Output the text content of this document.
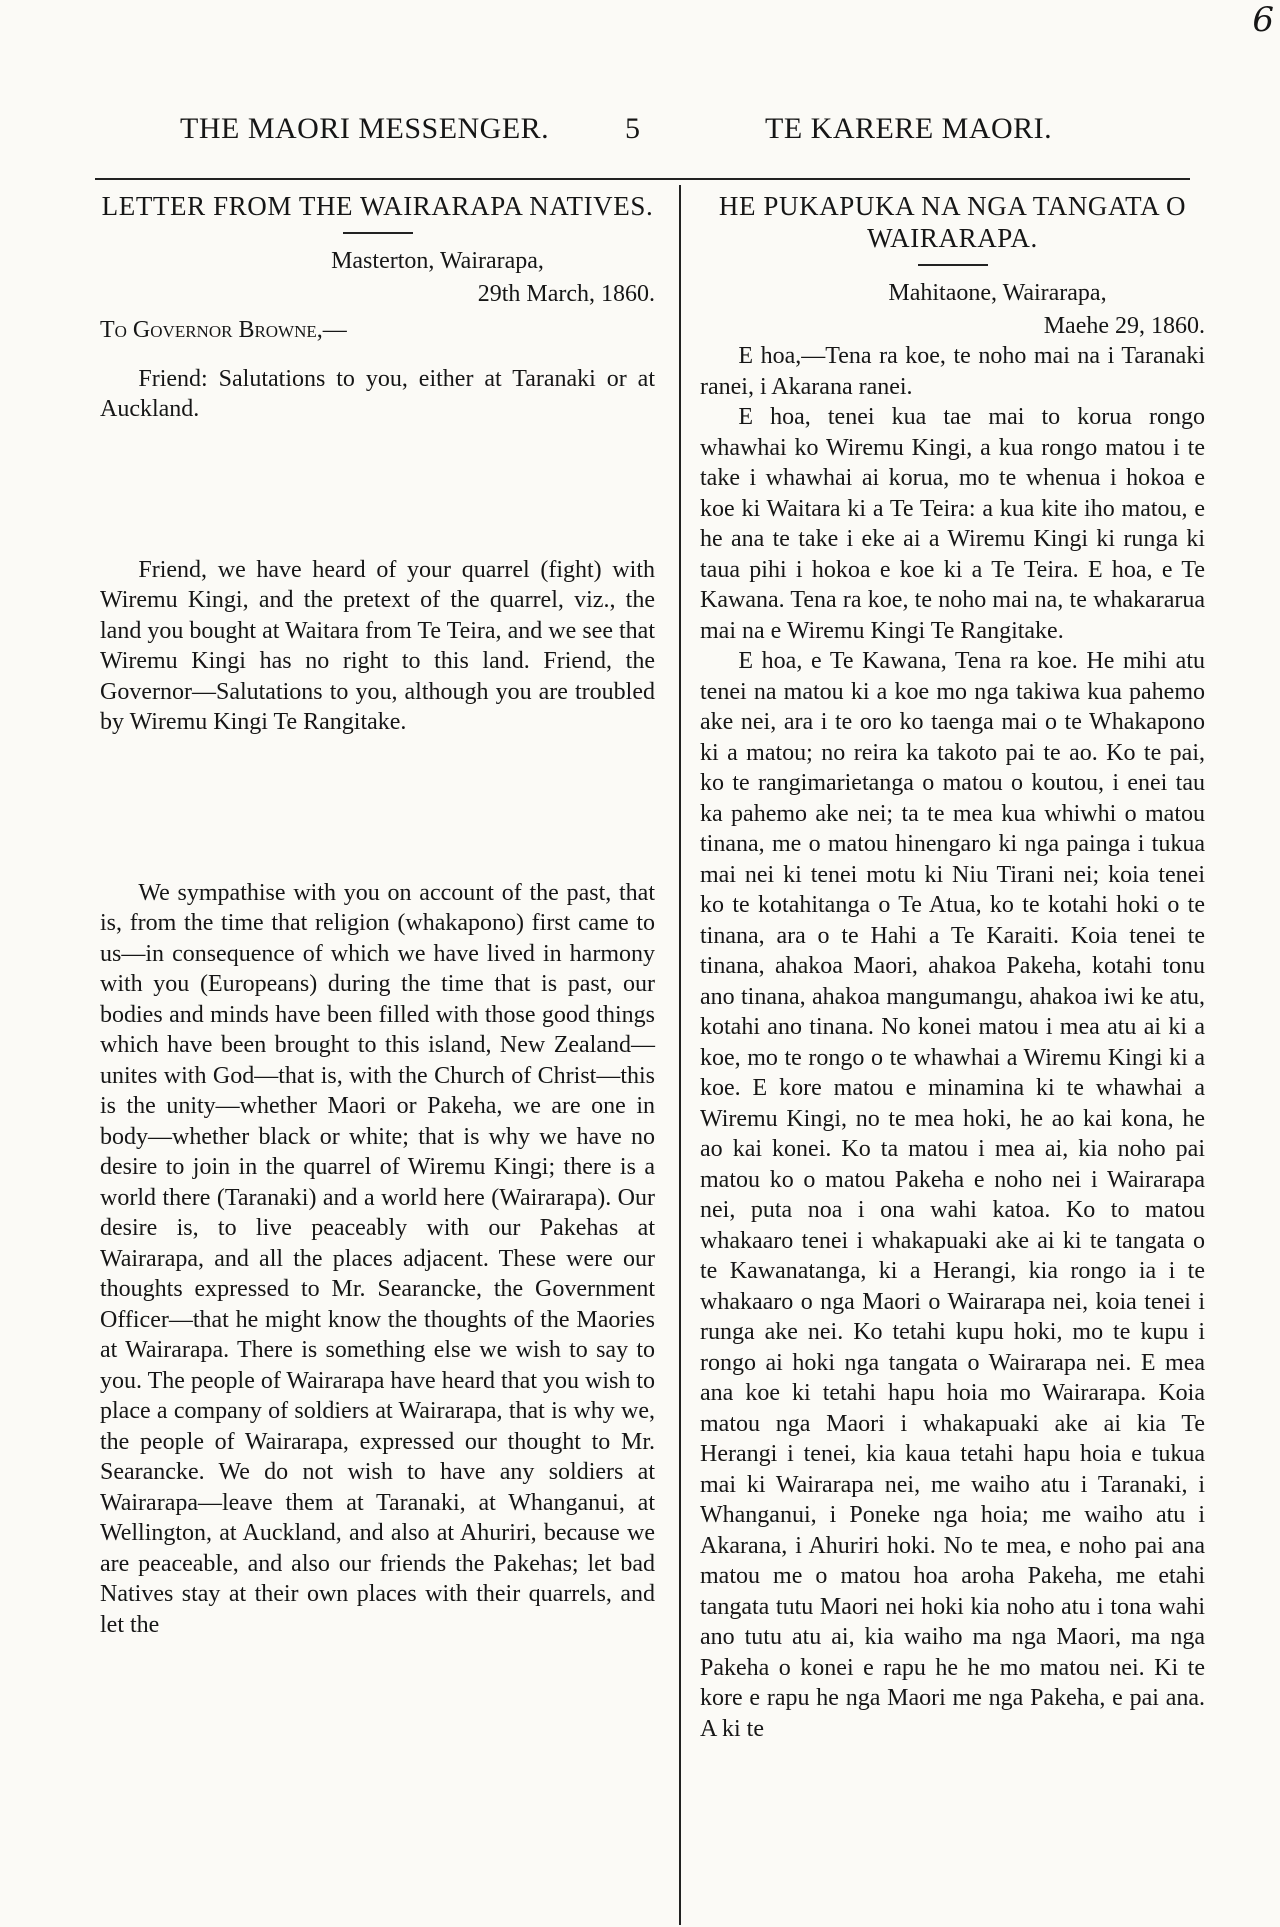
6
THE MAORI MESSENGER.	5	TE KARERE MAORI.
LETTER FROM THE WAIRARAPA NATIVES.
Masterton, Wairarapa,
29th March, 1860.

To Governor Browne,—

Friend: Salutations to you, either at Taranaki or at Auckland.

Friend, we have heard of your quarrel (fight) with Wiremu Kingi, and the pretext of the quarrel, viz., the land you bought at Waitara from Te Teira, and we see that Wiremu Kingi has no right to this land. Friend, the Governor—Salutations to you, although you are troubled by Wiremu Kingi Te Rangitake.

We sympathise with you on account of the past, that is, from the time that religion (whakapono) first came to us—in consequence of which we have lived in harmony with you (Europeans) during the time that is past, our bodies and minds have been filled with those good things which have been brought to this island, New Zealand—unites with God—that is, with the Church of Christ—this is the unity—whether Maori or Pakeha, we are one in body—whether black or white; that is why we have no desire to join in the quarrel of Wiremu Kingi; there is a world there (Taranaki) and a world here (Wairarapa). Our desire is, to live peaceably with our Pakehas at Wairarapa, and all the places adjacent. These were our thoughts expressed to Mr. Searancke, the Government Officer—that he might know the thoughts of the Maories at Wairarapa. There is something else we wish to say to you. The people of Wairarapa have heard that you wish to place a company of soldiers at Wairarapa, that is why we, the people of Wairarapa, expressed our thought to Mr. Searancke. We do not wish to have any soldiers at Wairarapa—leave them at Taranaki, at Whanganui, at Wellington, at Auckland, and also at Ahuriri, because we are peaceable, and also our friends the Pakehas; let bad Natives stay at their own places with their quarrels, and let the

HE PUKAPUKA NA NGA TANGATA O WAIRARAPA.
Mahitaone, Wairarapa,
Maehe 29, 1860.

E hoa,—Tena ra koe, te noho mai na i Taranaki ranei, i Akarana ranei.

E hoa, tenei kua tae mai to koruа rongo whawhai ko Wiremu Kingi, a kua rongo matou i te take i whawhai ai korua, mo te whenua i hokoa e koe ki Waitara ki a Te Teira: a kua kite iho matou, e he ana te take i eke ai a Wiremu Kingi ki runga ki taua pihi i hokoa e koe ki a Te Teira. E hoa, e Te Kawana. Tena ra koe, te noho mai na, te whakararua mai na e Wiremu Kingi Te Rangitake.

E hoa, e Te Kawana, Tena ra koe. He mihi atu tenei na matou ki a koe mo nga takiwa kua pahemo ake nei, ara i te oro ko taenga mai o te Whakapono ki a matou; no reira ka takoto pai te ao. Ko te pai, ko te rangimarietanga o matou o koutou, i enei tau ka pahemo ake nei; ta te mea kua whiwhi o matou tinana, me o matou hinengaro ki nga painga i tukua mai nei ki tenei motu ki Niu Tirani nei; koia tenei ko te kotahitanga o Te Atua, ko te kotahi hoki o te tinana, ara o te Hahi a Te Karaiti. Koia tenei te tinana, ahakoa Maori, ahakoa Pakeha, kotahi tonu ano tinana, ahakoa mangumangu, ahakoa iwi ke atu, kotahi ano tinana. No konei matou i mea atu ai ki a koe, mo te rongo o te whawhai a Wiremu Kingi ki a koe. E kore matou e minamina ki te whawhai a Wiremu Kingi, no te mea hoki, he ao kai kona, he ao kai konei. Ko ta matou i mea ai, kia noho pai matou ko o matou Pakeha e noho nei i Wairarapa nei, puta noa i ona wahi katoa. Ko to matou whakaaro tenei i whakapuaki ake ai ki te tangata o te Kawanatanga, ki a Herangi, kia rongo ia i te whakaaro o nga Maori o Wairarapa nei, koia tenei i runga ake nei. Ko tetahi kupu hoki, mo te kupu i rongo ai hoki nga tangata o Wairarapa nei. E mea ana koe ki tetahi hapu hoia mo Wairarapa. Koia matou nga Maori i whakapuaki ake ai kia Te Herangi i tenei, kia kaua tetahi hapu hoia e tukua mai ki Wairarapa nei, me waiho atu i Taranaki, i Whanganui, i Poneke nga hoia; me waiho atu i Akarana, i Ahuriri hoki. No te mea, e noho pai ana matou me o matou hoa aroha Pakeha, me etahi tangata tutu Maori nei hoki kia noho atu i tona wahi ano tutu atu ai, kia waiho ma nga Maori, ma nga Pakeha o konei e rapu he he mo matou nei. Ki te kore e rapu he nga Maori me nga Pakeha, e pai ana. A ki te
